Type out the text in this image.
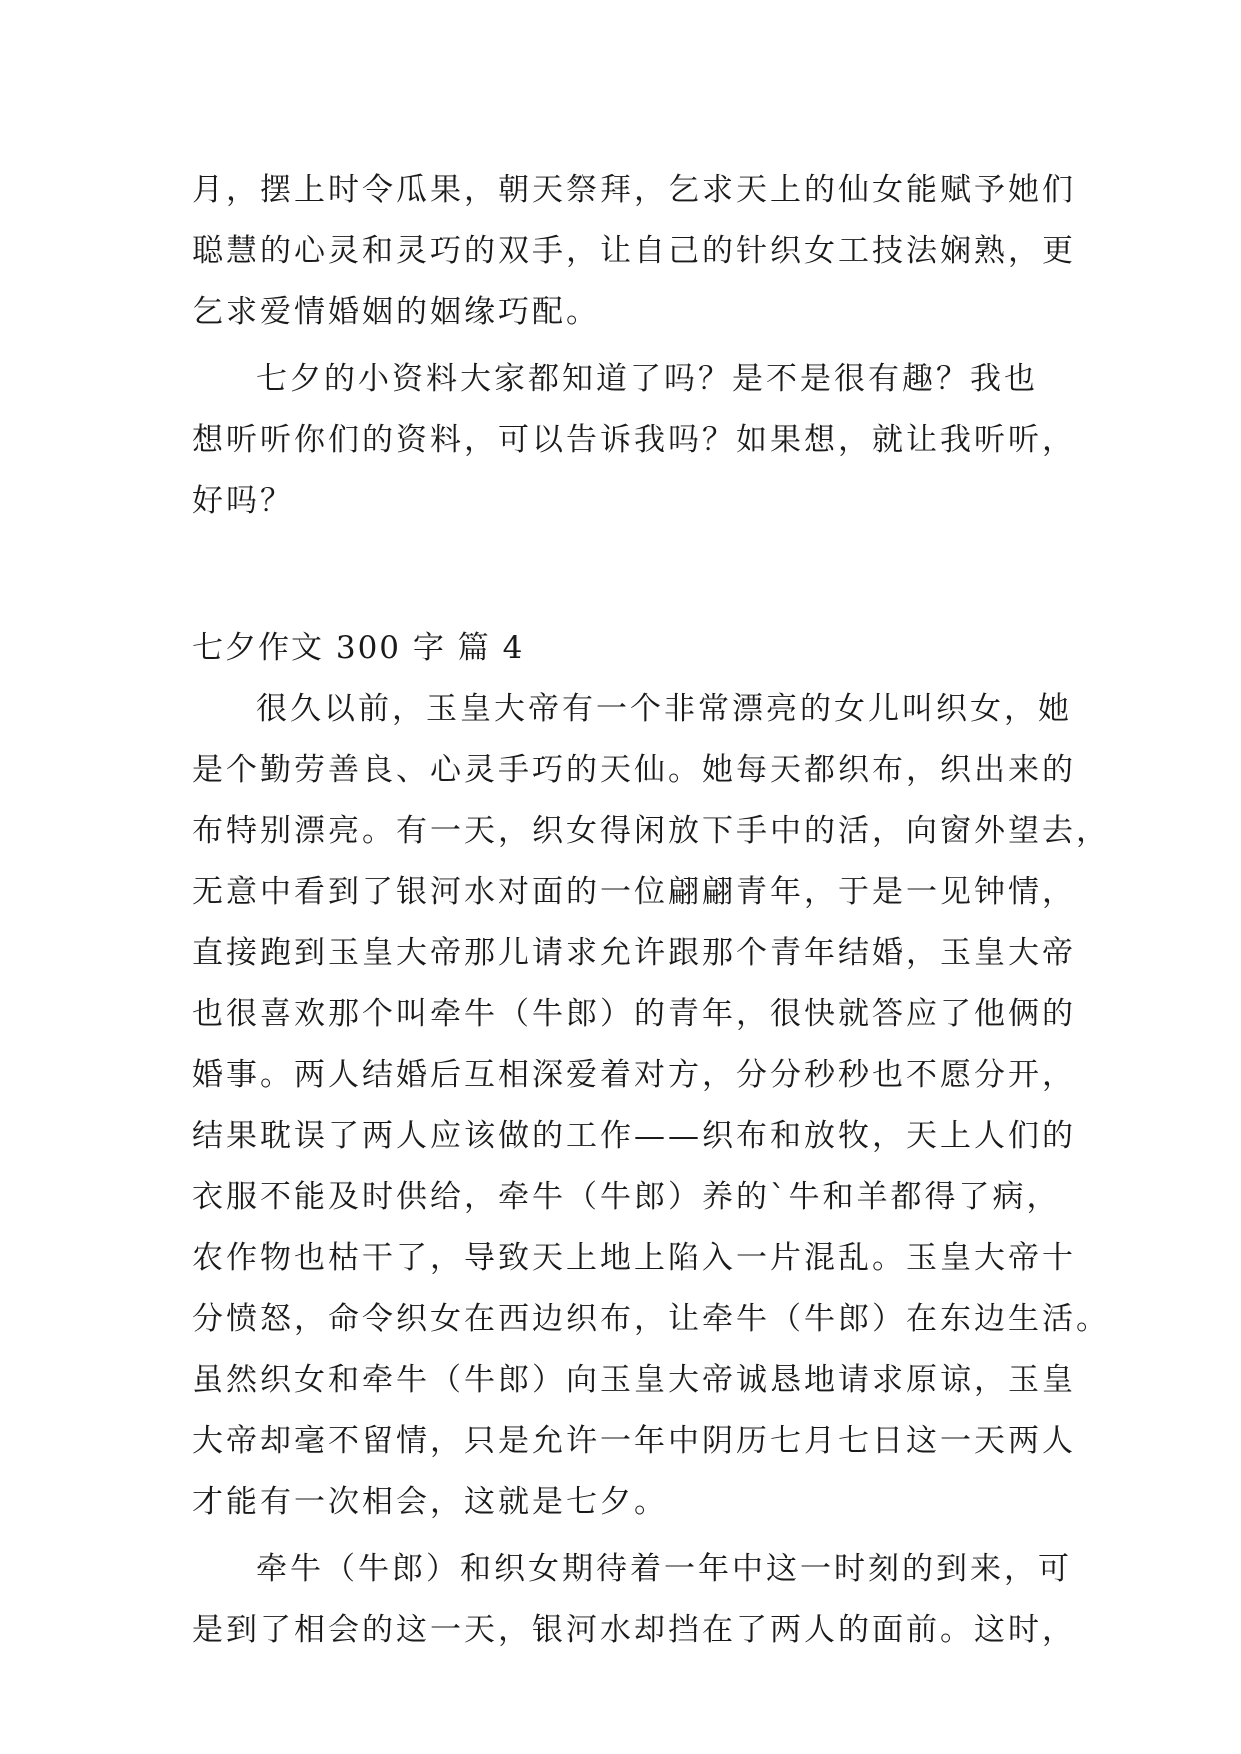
月，摆上时令瓜果，朝天祭拜，乞求天上的仙女能赋予她们
聪慧的心灵和灵巧的双手，让自己的针织女工技法娴熟，更
乞求爱情婚姻的姻缘巧配。
七夕的小资料大家都知道了吗？是不是很有趣？我也
想听听你们的资料，可以告诉我吗？如果想，就让我听听，
好吗？
七夕作文 300 字 篇 4
很久以前，玉皇大帝有一个非常漂亮的女儿叫织女，她
是个勤劳善良、心灵手巧的天仙。她每天都织布，织出来的
布特别漂亮。有一天，织女得闲放下手中的活，向窗外望去，
无意中看到了银河水对面的一位翩翩青年，于是一见钟情，
直接跑到玉皇大帝那儿请求允许跟那个青年结婚，玉皇大帝
也很喜欢那个叫牵牛（牛郎）的青年，很快就答应了他俩的
婚事。两人结婚后互相深爱着对方，分分秒秒也不愿分开，
结果耽误了两人应该做的工作——织布和放牧，天上人们的
衣服不能及时供给，牵牛（牛郎）养的`牛和羊都得了病，
农作物也枯干了，导致天上地上陷入一片混乱。玉皇大帝十
分愤怒，命令织女在西边织布，让牵牛（牛郎）在东边生活。
虽然织女和牵牛（牛郎）向玉皇大帝诚恳地请求原谅，玉皇
大帝却毫不留情，只是允许一年中阴历七月七日这一天两人
才能有一次相会，这就是七夕。
牵牛（牛郎）和织女期待着一年中这一时刻的到来，可
是到了相会的这一天，银河水却挡在了两人的面前。这时，
